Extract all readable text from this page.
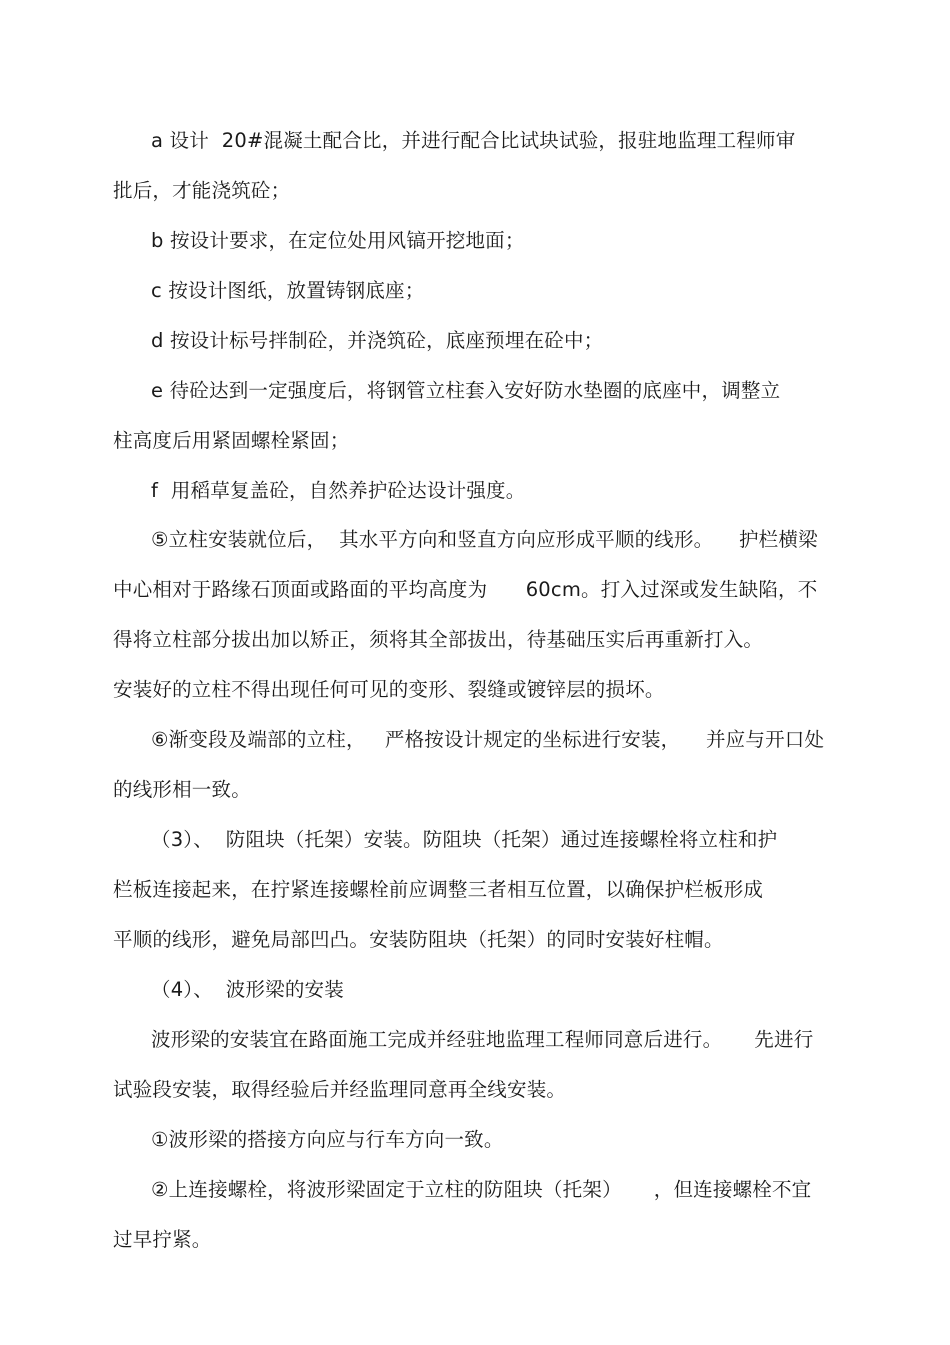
a 设计  20#混凝土配合比，并进行配合比试块试验，报驻地监理工程师审
批后，才能浇筑砼；
b 按设计要求，在定位处用风镐开挖地面；
c 按设计图纸，放置铸钢底座；
d 按设计标号拌制砼，并浇筑砼，底座预埋在砼中；
e 待砼达到一定强度后，将钢管立柱套入安好防水垫圈的底座中，调整立
柱高度后用紧固螺栓紧固；
f  用稻草复盖砼，自然养护砼达设计强度。
⑤立柱安装就位后，  其水平方向和竖直方向应形成平顺的线形。    护栏横梁
中心相对于路缘石顶面或路面的平均高度为      60cm。打入过深或发生缺陷，不
得将立柱部分拔出加以矫正，须将其全部拔出，待基础压实后再重新打入。
安装好的立柱不得出现任何可见的变形、裂缝或镀锌层的损坏。
⑥渐变段及端部的立柱，   严格按设计规定的坐标进行安装，    并应与开口处
的线形相一致。
（3）、  防阻块（托架）安装。防阻块（托架）通过连接螺栓将立柱和护
栏板连接起来，在拧紧连接螺栓前应调整三者相互位置，以确保护栏板形成
平顺的线形，避免局部凹凸。安装防阻块（托架）的同时安装好柱帽。
（4）、  波形梁的安装
波形梁的安装宜在路面施工完成并经驻地监理工程师同意后进行。     先进行
试验段安装，取得经验后并经监理同意再全线安装。
①波形梁的搭接方向应与行车方向一致。
②上连接螺栓，将波形梁固定于立柱的防阻块（托架）     ，但连接螺栓不宜
过早拧紧。
